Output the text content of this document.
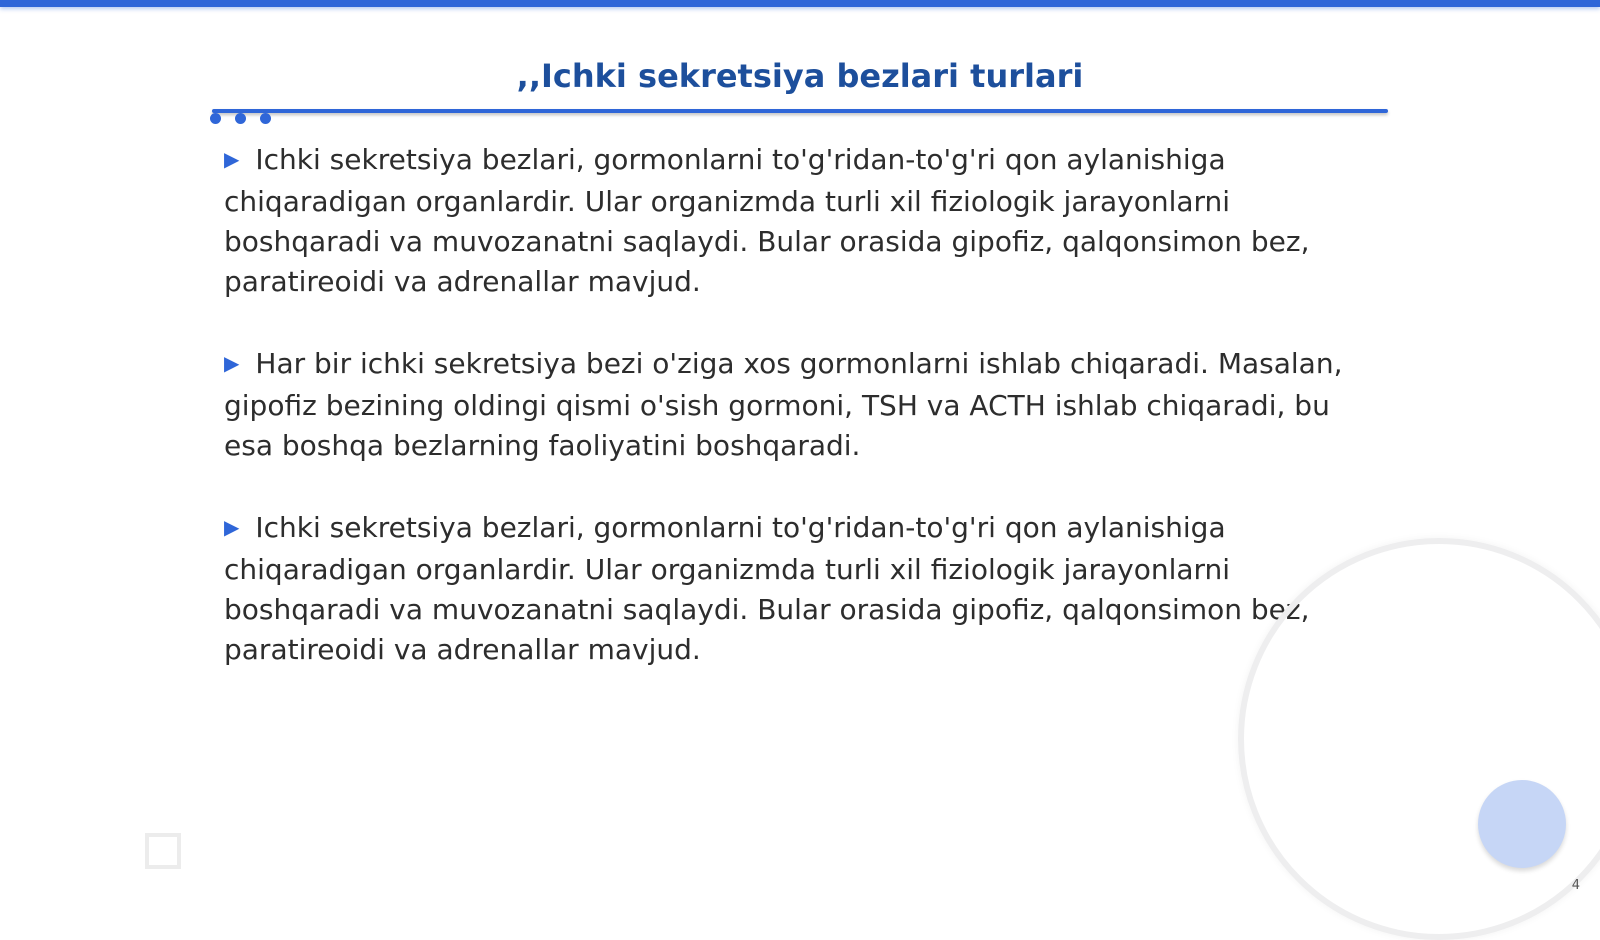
,,Ichki sekretsiya bezlari turlari

▶ Ichki sekretsiya bezlari, gormonlarni to'g'ridan-to'g'ri qon aylanishiga chiqaradigan organlardir. Ular organizmda turli xil fiziologik jarayonlarni boshqaradi va muvozanatni saqlaydi. Bular orasida gipofiz, qalqonsimon bez, paratireoidi va adrenallar mavjud.

▶ Har bir ichki sekretsiya bezi o'ziga xos gormonlarni ishlab chiqaradi. Masalan, gipofiz bezining oldingi qismi o'sish gormoni, TSH va ACTH ishlab chiqaradi, bu esa boshqa bezlarning faoliyatini boshqaradi.

▶ Ichki sekretsiya bezlari, gormonlarni to'g'ridan-to'g'ri qon aylanishiga chiqaradigan organlardir. Ular organizmda turli xil fiziologik jarayonlarni boshqaradi va muvozanatni saqlaydi. Bular orasida gipofiz, qalqonsimon bez, paratireoidi va adrenallar mavjud.

4
